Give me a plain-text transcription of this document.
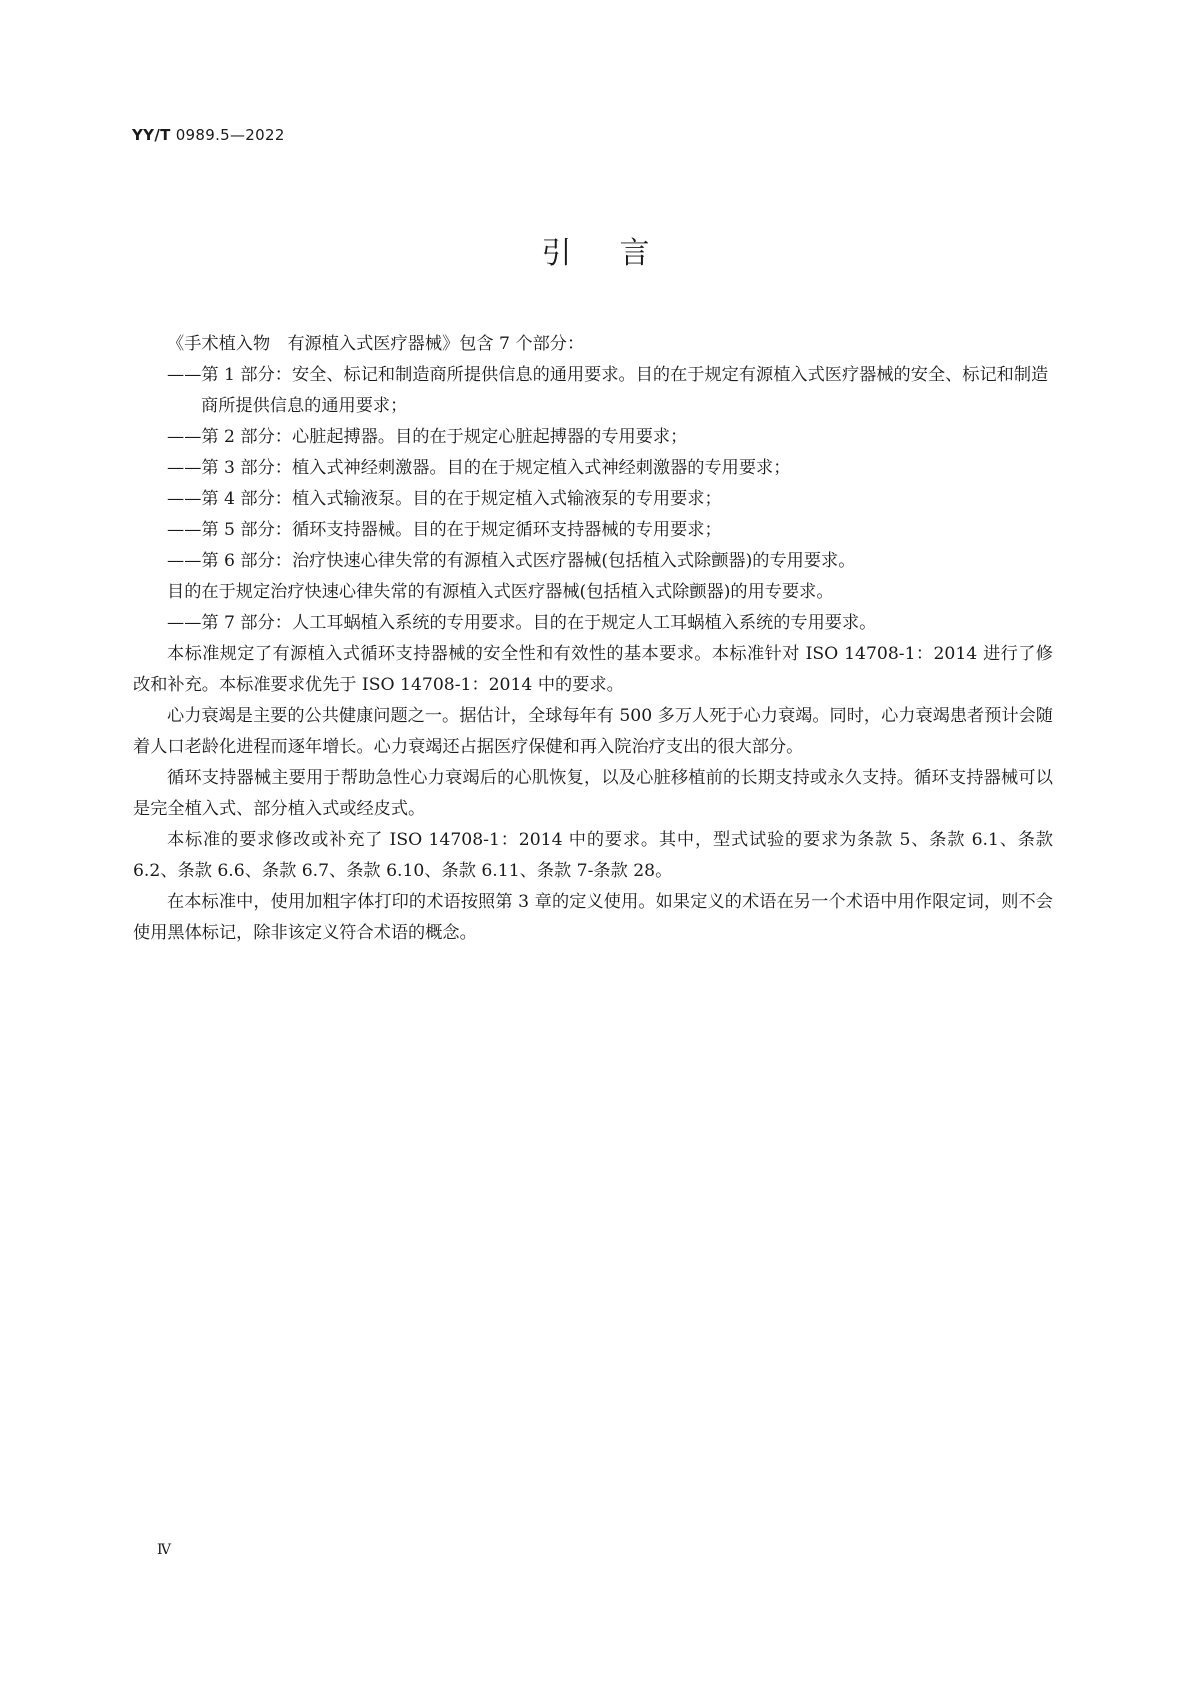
YY/T 0989.5—2022
引言

《手术植入物　有源植入式医疗器械》包含 7 个部分：

——第 1 部分：安全、标记和制造商所提供信息的通用要求。目的在于规定有源植入式医疗器械的安全、标记和制造商所提供信息的通用要求；

——第 2 部分：心脏起搏器。目的在于规定心脏起搏器的专用要求；

——第 3 部分：植入式神经刺激器。目的在于规定植入式神经刺激器的专用要求；

——第 4 部分：植入式输液泵。目的在于规定植入式输液泵的专用要求；

——第 5 部分：循环支持器械。目的在于规定循环支持器械的专用要求；

——第 6 部分：治疗快速心律失常的有源植入式医疗器械(包括植入式除颤器)的专用要求。

目的在于规定治疗快速心律失常的有源植入式医疗器械(包括植入式除颤器)的用专要求。

——第 7 部分：人工耳蜗植入系统的专用要求。目的在于规定人工耳蜗植入系统的专用要求。

本标准规定了有源植入式循环支持器械的安全性和有效性的基本要求。本标准针对 ISO 14708-1：2014 进行了修改和补充。本标准要求优先于 ISO 14708-1：2014 中的要求。

心力衰竭是主要的公共健康问题之一。据估计，全球每年有 500 多万人死于心力衰竭。同时，心力衰竭患者预计会随着人口老龄化进程而逐年增长。心力衰竭还占据医疗保健和再入院治疗支出的很大部分。

循环支持器械主要用于帮助急性心力衰竭后的心肌恢复，以及心脏移植前的长期支持或永久支持。循环支持器械可以是完全植入式、部分植入式或经皮式。

本标准的要求修改或补充了 ISO 14708-1：2014 中的要求。其中，型式试验的要求为条款 5、条款 6.1、条款 6.2、条款 6.6、条款 6.7、条款 6.10、条款 6.11、条款 7-条款 28。

在本标准中，使用加粗字体打印的术语按照第 3 章的定义使用。如果定义的术语在另一个术语中用作限定词，则不会使用黑体标记，除非该定义符合术语的概念。

Ⅳ
